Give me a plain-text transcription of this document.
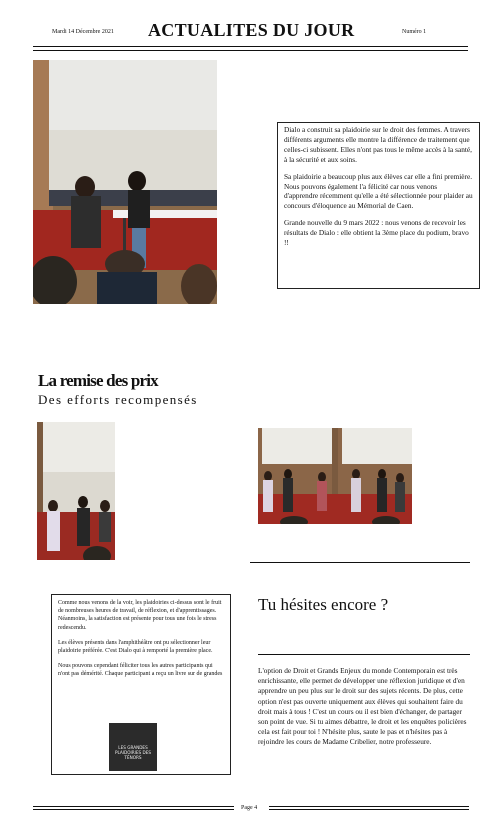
Mardi 14 Décembre 2021 ACTUALITES DU JOUR	Numéro 1

Dialo a construit sa plaidoirie sur le droit des femmes. A travers différents arguments elle montre la différence de traitement que celles-ci subissent. Elles n'ont pas tous le même accès à la santé, à la sécurité et aux soins.

Sa plaidoirie a beaucoup plus aux élèves car elle a fini première. Nous pouvons également l'a félicité car nous venons d'apprendre récemment qu'elle a été sélectionnée pour plaider au concours d'éloquence au Mémorial de Caen.

Grande nouvelle du 9 mars 2022 : nous venons de recevoir les résultats de Dialo : elle obtient la 3ème place du podium, bravo !!

La remise des prix
Des efforts recompensés

Comme nous venons de la voir, les plaidoiries ci-dessus sont le fruit de nombreuses heures de travail, de réflexion, et d'apprentissages. Néanmoins, la satisfaction est présente pour tous une fois le stress redescendu.

Les élèves présents dans l'amphithéâtre ont pu sélectionner leur plaidoirie préférée. C'est Dialo qui à remporté la première place.

Nous pouvons cependant féliciter tous les autres participants qui n'ont pas démérité. Chaque participant a reçu un livre sur de grandes

LES GRANDES PLAIDOIRIES DES TÉNORS
Tu hésites encore ?
L'option de Droit et Grands Enjeux du monde Contemporain est très enrichissante, elle permet de développer une réflexion juridique et d'en apprendre un peu plus sur le droit sur des sujets récents. De plus, cette option n'est pas ouverte uniquement aux élèves qui souhaitent faire du droit mais à tous ! C'est un cours ou il est bien d'échanger, de partager son point de vue. Si tu aimes débattre, le droit et les enquêtes policières cela est fait pour toi ! N'hésite plus, saute le pas et n'hésites pas à rejoindre les cours de Madame Cribelier, notre professeure.
Page 4
